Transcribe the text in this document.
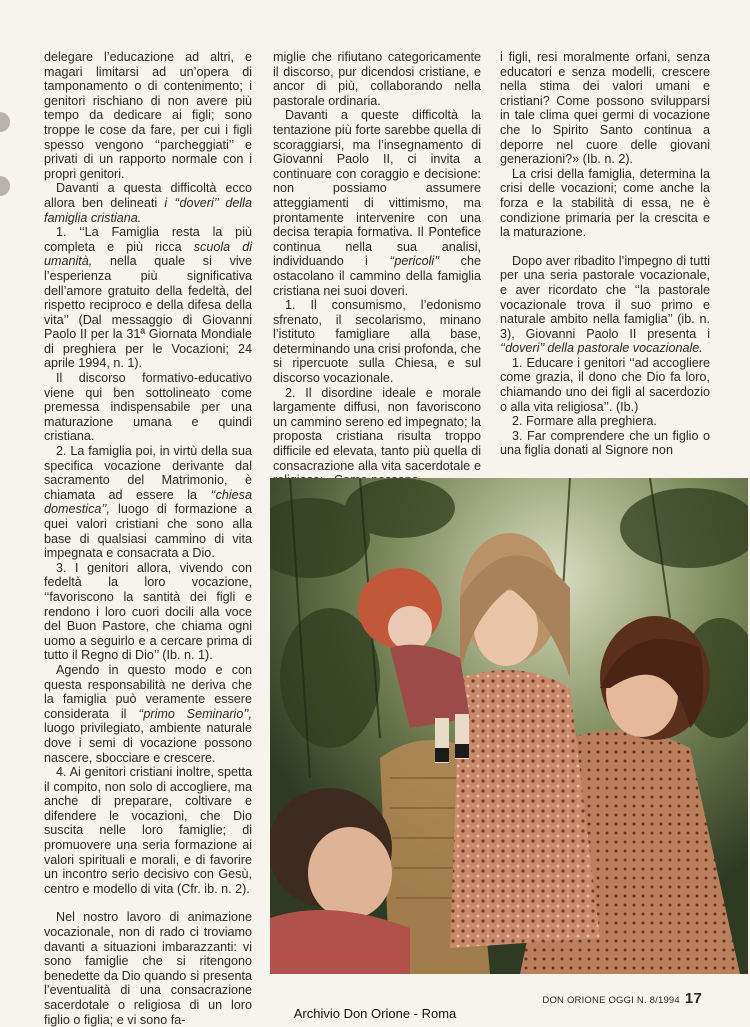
delegare l’educazione ad altri, e magari limitarsi ad un’opera di tamponamento o di contenimento; i genitori rischiano di non avere più tempo da dedicare ai figli; sono troppe le cose da fare, per cui i figli spesso vengono ‘‘parcheggiati’’ e privati di un rapporto normale con i propri genitori.

Davanti a questa difficoltà ecco allora ben delineati i ‘‘doveri’’ della famiglia cristiana.

1. ‘‘La Famiglia resta la più completa e più ricca scuola di umanità, nella quale si vive l’esperienza più significativa dell’amore gratuito della fedeltà, del rispetto reciproco e della difesa della vita’’ (Dal messaggio di Giovanni Paolo II per la 31ª Giornata Mondiale di preghiera per le Vocazioni; 24 aprile 1994, n. 1).

Il discorso formativo-educativo viene qui ben sottolineato come premessa indispensabile per una maturazione umana e quindi cristiana.

2. La famiglia poi, in virtù della sua specifica vocazione derivante dal sacramento del Matrimonio, è chiamata ad essere la ‘‘chiesa domestica’’, luogo di formazione a quei valori cristiani che sono alla base di qualsiasi cammino di vita impegnata e consacrata a Dio.

3. I genitori allora, vivendo con fedeltà la loro vocazione, ‘‘favoriscono la santità dei figli e rendono i loro cuori docili alla voce del Buon Pastore, che chiama ogni uomo a seguirlo e a cercare prima di tutto il Regno di Dio’’ (Ib. n. 1).

Agendo in questo modo e con questa responsabilità ne deriva che la famiglia può veramente essere considerata il ‘‘primo Seminario’’, luogo privilegiato, ambiente naturale dove i semi di vocazione possono nascere, sbocciare e crescere.

4. Ai genitori cristiani inoltre, spetta il compito, non solo di accogliere, ma anche di preparare, coltivare e difendere le vocazioni, che Dio suscita nelle loro famiglie; di promuovere una seria formazione ai valori spirituali e morali, e di favorire un incontro serio decisivo con Gesù, centro e modello di vita (Cfr. ib. n. 2).

Nel nostro lavoro di animazione vocazionale, non di rado ci troviamo davanti a situazioni imbarazzanti: vi sono famiglie che si ritengono benedette da Dio quando si presenta l’eventualità di una consacrazione sacerdotale o religiosa di un loro figlio o figlia; e vi sono fa-

miglie che rifiutano categoricamente il discorso, pur dicendosi cristiane, e ancor di più, collaborando nella pastorale ordinaria.

Davanti a queste difficoltà la tentazione più forte sarebbe quella di scoraggiarsi, ma l’insegnamento di Giovanni Paolo II, ci invita a continuare con coraggio e decisione: non possiamo assumere atteggiamenti di vittimismo, ma prontamente intervenire con una decisa terapia formativa. Il Pontefice continua nella sua analisi, individuando i ‘‘pericoli’’ che ostacolano il cammino della famiglia cristiana nei suoi doveri.

1. Il consumismo, l’edonismo sfrenato, il secolarismo, minano l’istituto famigliare alla base, determinando una crisi profonda, che si ripercuote sulla Chiesa, e sul discorso vocazionale.

2. Il disordine ideale e morale largamente diffusi, non favoriscono un cammino sereno ed impegnato; la proposta cristiana risulta troppo difficile ed elevata, tanto più quella di consacrazione alla vita sacerdotale e

i figli, resi moralmente orfani, senza educatori e senza modelli, crescere nella stima dei valori umani e cristiani? Come possono svilupparsi in tale clima quei germi di vocazione che lo Spirito Santo continua a deporre nel cuore delle giovani generazioni?» (Ib. n. 2).

La crisi della famiglia, determina la crisi delle vocazioni; come anche la forza e la stabilità di essa, ne è condizione primaria per la crescita e la maturazione.

Dopo aver ribadito l’impegno di tutti per una seria pastorale vocazionale, e aver ricordato che ‘‘la pastorale vocazionale trova il suo primo e naturale ambito nella famiglia’’ (ib. n. 3), Giovanni Paolo II presenta i ‘‘doveri’’ della pastorale vocazionale.

1. Educare i genitori ‘‘ad accogliere come grazia, il dono che Dio fa loro, chiamando uno dei figli al sacerdozio o alla vita religiosa’’. (Ib.)

2. Formare alla preghiera.

3. Far comprendere che un figlio o una figlia donati al Signore non

DON ORIONE OGGI N. 8/1994 17
Archivio Don Orione - Roma
